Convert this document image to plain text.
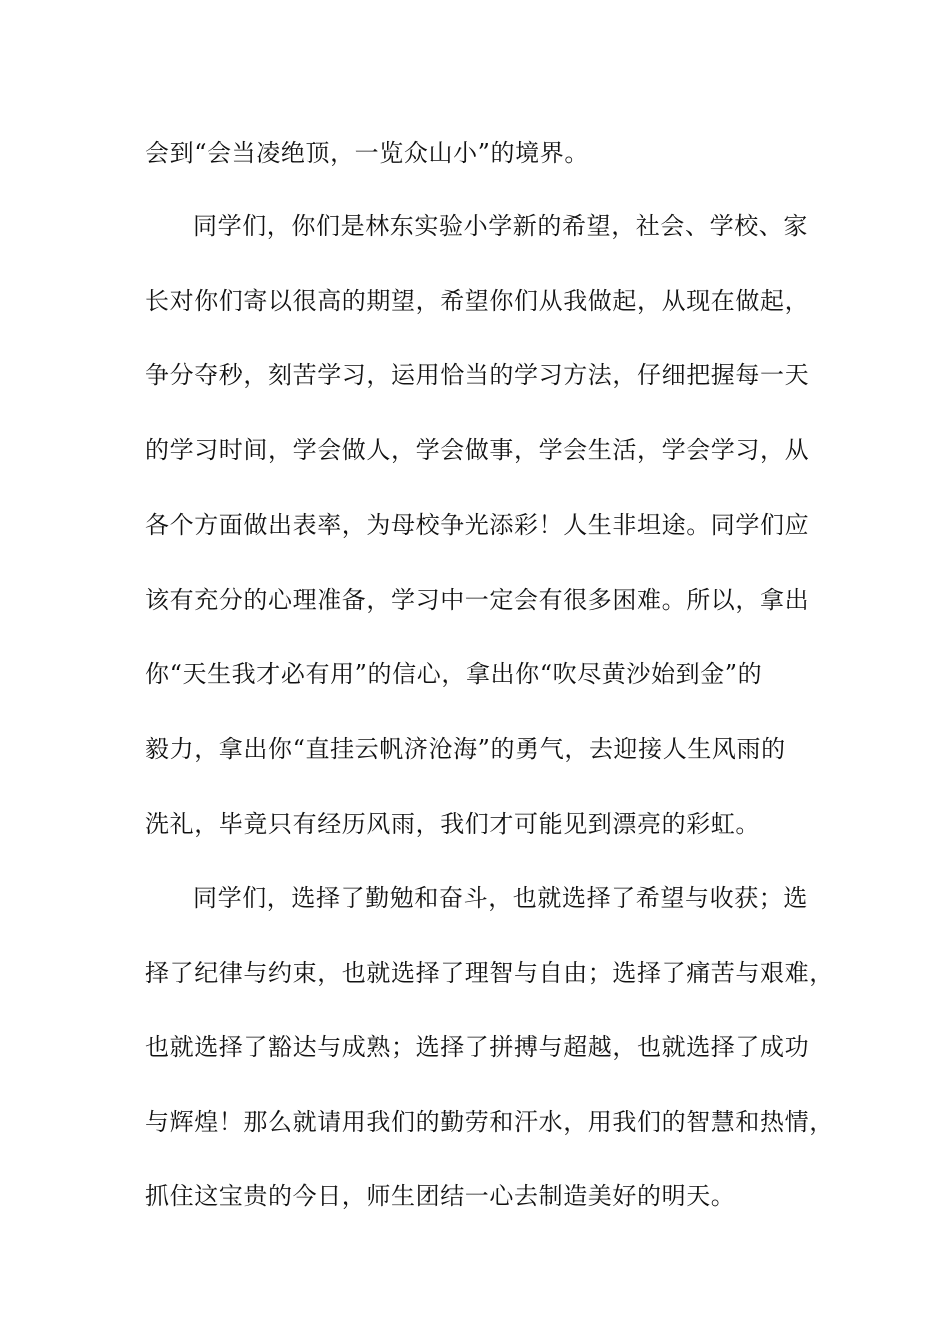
会到“会当凌绝顶，一览众山小”的境界。
同学们，你们是林东实验小学新的希望，社会、学校、家
长对你们寄以很高的期望，希望你们从我做起，从现在做起，
争分夺秒，刻苦学习，运用恰当的学习方法，仔细把握每一天
的学习时间，学会做人，学会做事，学会生活，学会学习，从
各个方面做出表率，为母校争光添彩！人生非坦途。同学们应
该有充分的心理准备，学习中一定会有很多困难。所以，拿出
你“天生我才必有用”的信心，拿出你“吹尽黄沙始到金”的
毅力，拿出你“直挂云帆济沧海”的勇气，去迎接人生风雨的
洗礼，毕竟只有经历风雨，我们才可能见到漂亮的彩虹。
同学们，选择了勤勉和奋斗，也就选择了希望与收获；选
择了纪律与约束，也就选择了理智与自由；选择了痛苦与艰难，
也就选择了豁达与成熟；选择了拼搏与超越，也就选择了成功
与辉煌！那么就请用我们的勤劳和汗水，用我们的智慧和热情，
抓住这宝贵的今日，师生团结一心去制造美好的明天。
